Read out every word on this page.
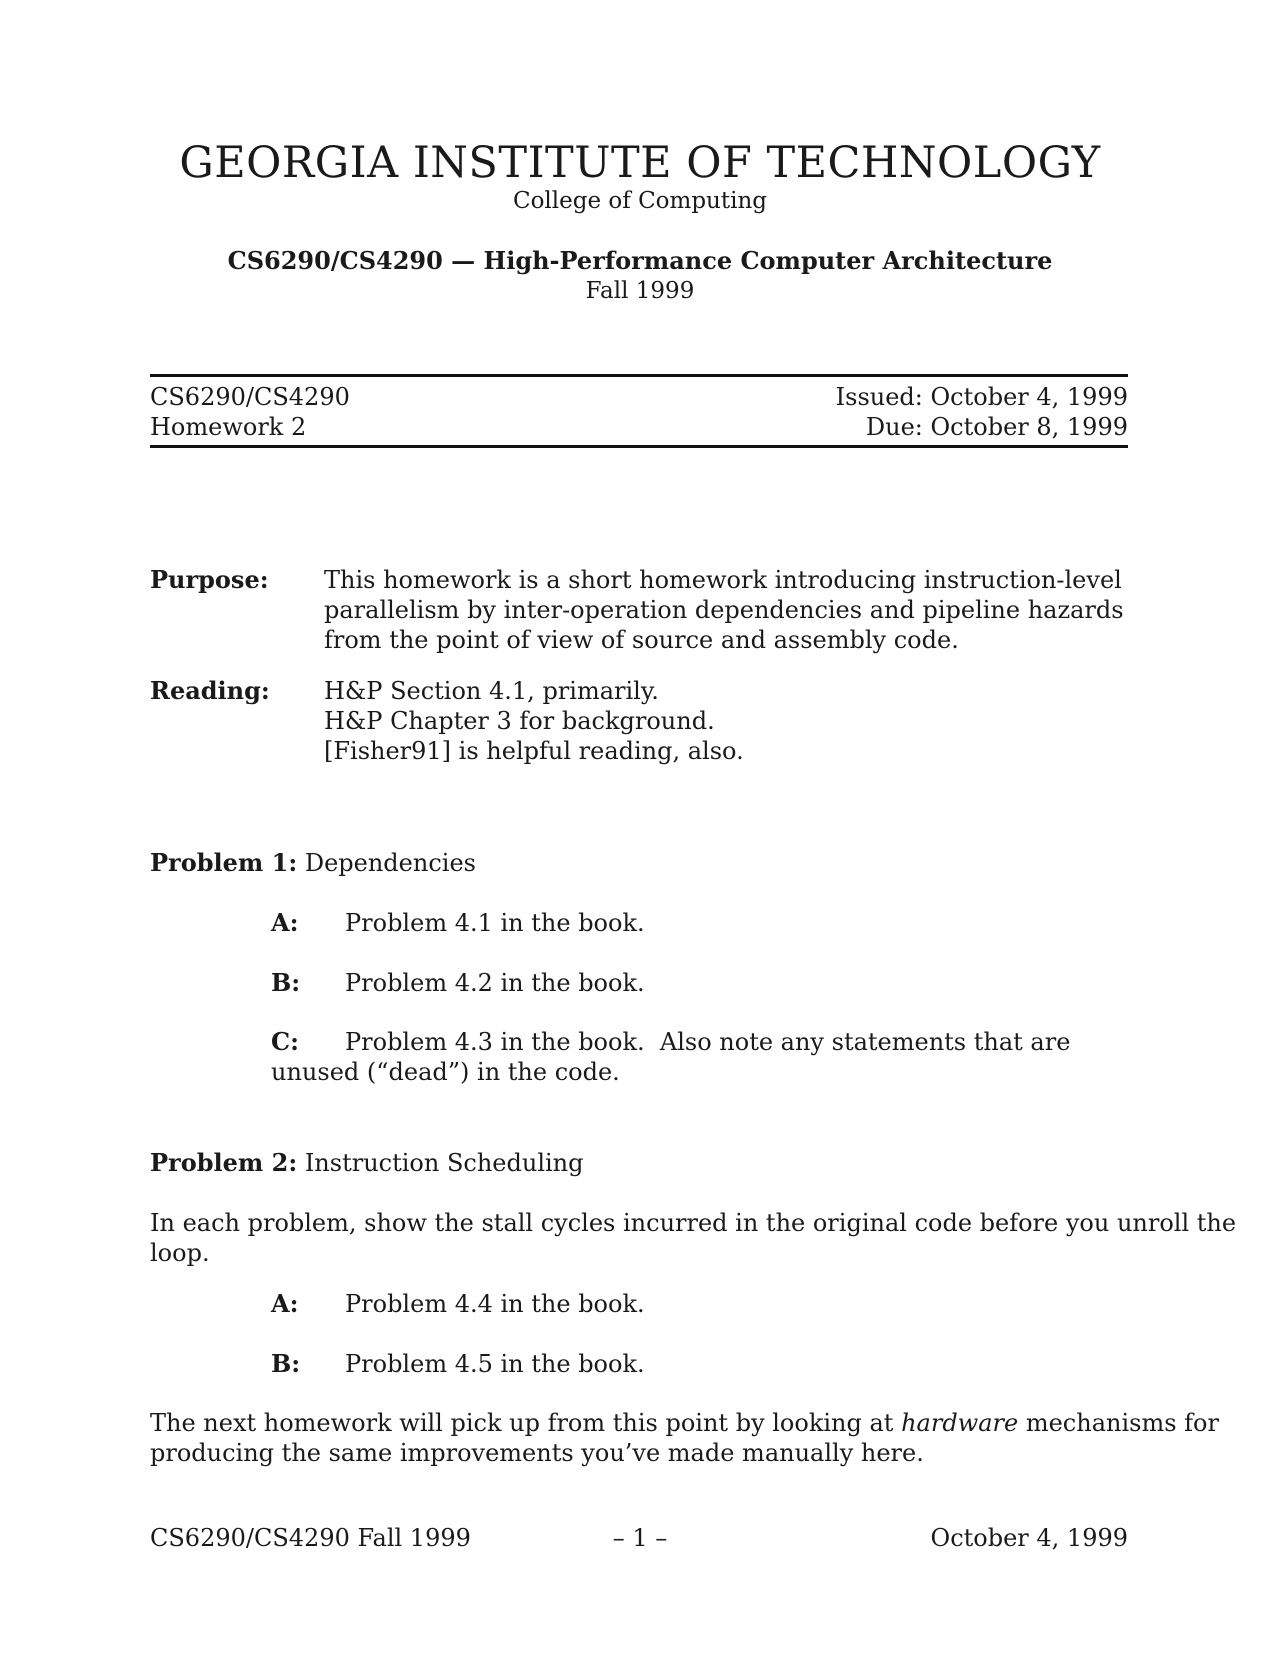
GEORGIA INSTITUTE OF TECHNOLOGY
College of Computing
CS6290/CS4290 — High-Performance Computer Architecture
Fall 1999
CS6290/CS4290	Issued: October 4, 1999
Homework 2	Due: October 8, 1999
Purpose: This homework is a short homework introducing instruction-level
parallelism by inter-operation dependencies and pipeline hazards
from the point of view of source and assembly code.
Reading: H&P Section 4.1, primarily.
H&P Chapter 3 for background.
[Fisher91] is helpful reading, also.
Problem 1: Dependencies
A: Problem 4.1 in the book.
B: Problem 4.2 in the book.
C: Problem 4.3 in the book.  Also note any statements that are
unused (“dead”) in the code.
Problem 2: Instruction Scheduling
In each problem, show the stall cycles incurred in the original code before you unroll the
loop.
A: Problem 4.4 in the book.
B: Problem 4.5 in the book.
The next homework will pick up from this point by looking at hardware mechanisms for
producing the same improvements you’ve made manually here.
CS6290/CS4290 Fall 1999	– 1 –	October 4, 1999
